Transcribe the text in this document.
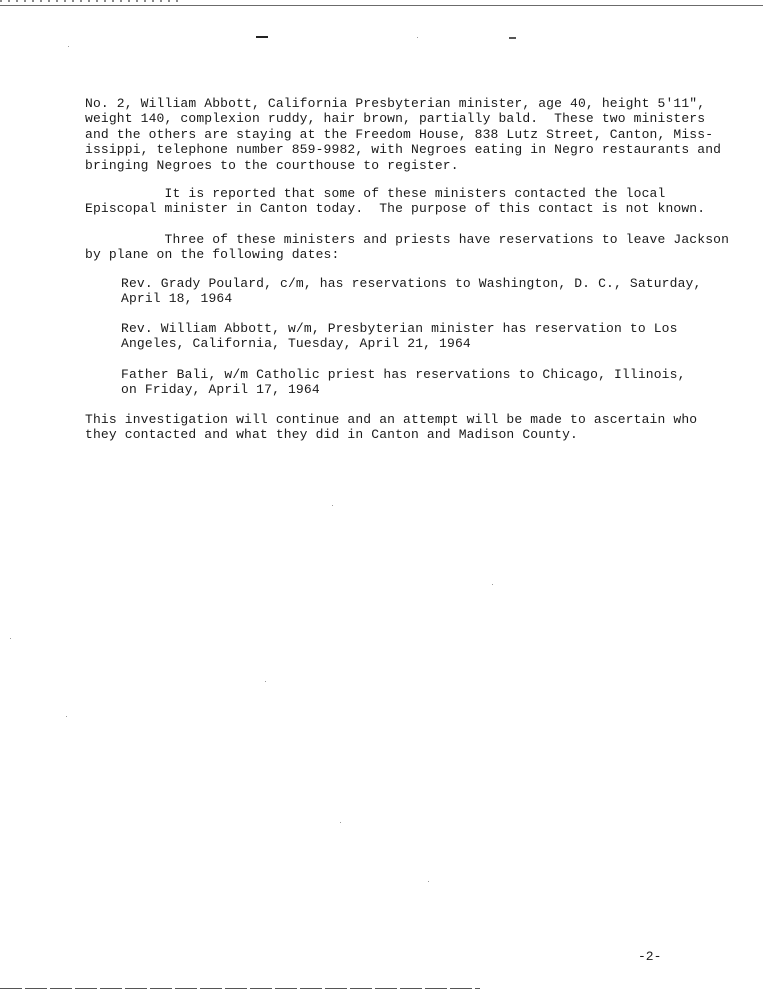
No. 2, William Abbott, California Presbyterian minister, age 40, height 5'11",
weight 140, complexion ruddy, hair brown, partially bald.  These two ministers
and the others are staying at the Freedom House, 838 Lutz Street, Canton, Miss-
issippi, telephone number 859-9982, with Negroes eating in Negro restaurants and
bringing Negroes to the courthouse to register.
It is reported that some of these ministers contacted the local
Episcopal minister in Canton today.  The purpose of this contact is not known.
Three of these ministers and priests have reservations to leave Jackson
by plane on the following dates:
Rev. Grady Poulard, c/m, has reservations to Washington, D. C., Saturday,
April 18, 1964
Rev. William Abbott, w/m, Presbyterian minister has reservation to Los
Angeles, California, Tuesday, April 21, 1964
Father Bali, w/m Catholic priest has reservations to Chicago, Illinois,
on Friday, April 17, 1964
This investigation will continue and an attempt will be made to ascertain who
they contacted and what they did in Canton and Madison County.
-2-
